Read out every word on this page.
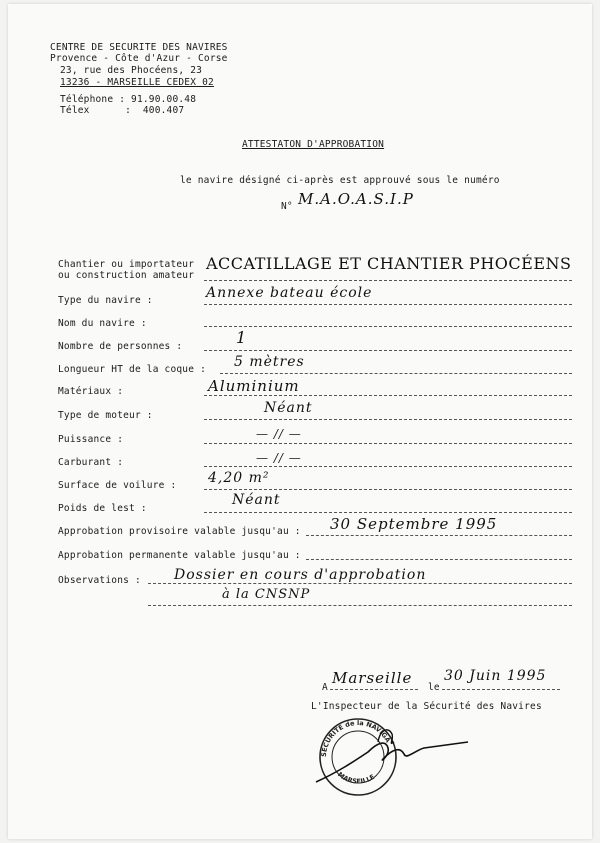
CENTRE DE SECURITE DES NAVIRES
Provence - Côte d'Azur - Corse
23, rue des Phocéens, 23
13236 - MARSEILLE CEDEX 02
Téléphone : 91.90.00.48
Télex      :  400.407
ATTESTATON D'APPROBATION
le navire désigné ci-après est approuvé sous le numéro
N° M.A.O.A.S.I.P
Chantier ou importateur
ou construction amateur
ACCATILLAGE ET CHANTIER PHOCÉENS
Type du navire :	Annexe bateau école
Nom du navire :
Nombre de personnes :	1
Longueur HT de la coque : 5 mètres
Matériaux :	Aluminium
Type de moteur :	Néant
Puissance :	— // —
Carburant :	— // —
Surface de voilure : 4,20 m²
Poids de lest :
Néant
Approbation provisoire valable jusqu'au : 30 Septembre 1995
Approbation permanente valable jusqu'au :
Observations : Dossier en cours d'approbation
à la CNSNP
A
Marseille
le
30 Juin 1995
L'Inspecteur de la Sécurité des Navires
SECURITE de la NAVIGA
MARSEILLE
